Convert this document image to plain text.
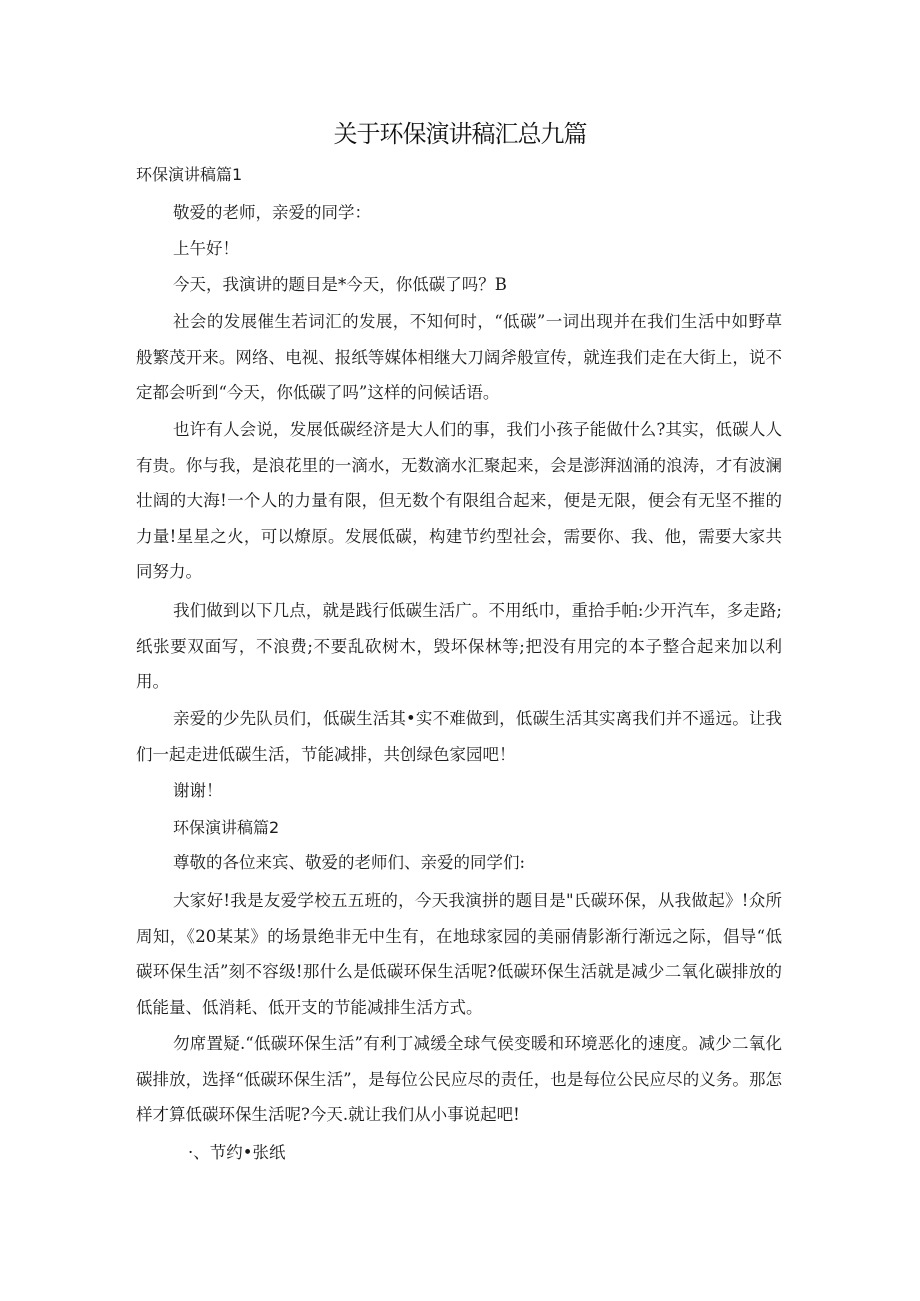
关于环保演讲稿汇总九篇
环保演讲稿篇1

敬爱的老师，亲爱的同学：

上午好！

今天，我演讲的题目是*今天，你低碳了吗？B

社会的发展催生若词汇的发展，不知何时，“低碳”一词出现并在我们生活中如野草般繁茂开来。网络、电视、报纸等媒体相继大刀阔斧般宣传，就连我们走在大街上，说不定都会听到“今天，你低碳了吗”这样的问候话语。

也许有人会说，发展低碳经济是大人们的事，我们小孩子能做什么?其实，低碳人人有贵。你与我，是浪花里的一滴水，无数滴水汇聚起来，会是澎湃汹涌的浪涛，才有波澜壮阔的大海!一个人的力量有限，但无数个有限组合起来，便是无限，便会有无坚不摧的力量!星星之火，可以燎原。发展低碳，构建节约型社会，需要你、我、他，需要大家共同努力。

我们做到以下几点，就是践行低碳生活广。不用纸巾，重拾手帕:少开汽车，多走路;纸张要双面写，不浪费;不要乱砍树木，毁坏保林等;把没有用完的本子整合起来加以利用。

亲爱的少先队员们，低碳生活其•实不难做到，低碳生活其实离我们并不遥远。让我们一起走进低碳生活，节能减排，共创绿色家园吧！

谢谢！

环保演讲稿篇2

尊敬的各位来宾、敬爱的老师们、亲爱的同学们:

大家好!我是友爱学校五五班的，今天我演拼的题目是"氏碳环保，从我做起》!众所周知，《20某某》的场景绝非无中生有，在地球家园的美丽倩影渐行渐远之际，倡导“低碳环保生活”刻不容级!那什么是低碳环保生活呢?低碳环保生活就是减少二氧化碳排放的低能量、低消耗、低开支的节能减排生活方式。

勿席置疑.“低碳环保生活”有利丁减缓全球气侯变暖和环境恶化的速度。减少二氧化碳排放，选择“低碳环保生活”，是每位公民应尽的责任，也是每位公民应尽的义务。那怎样才算低碳环保生活呢?今天.就让我们从小事说起吧!

·、节约•张纸
